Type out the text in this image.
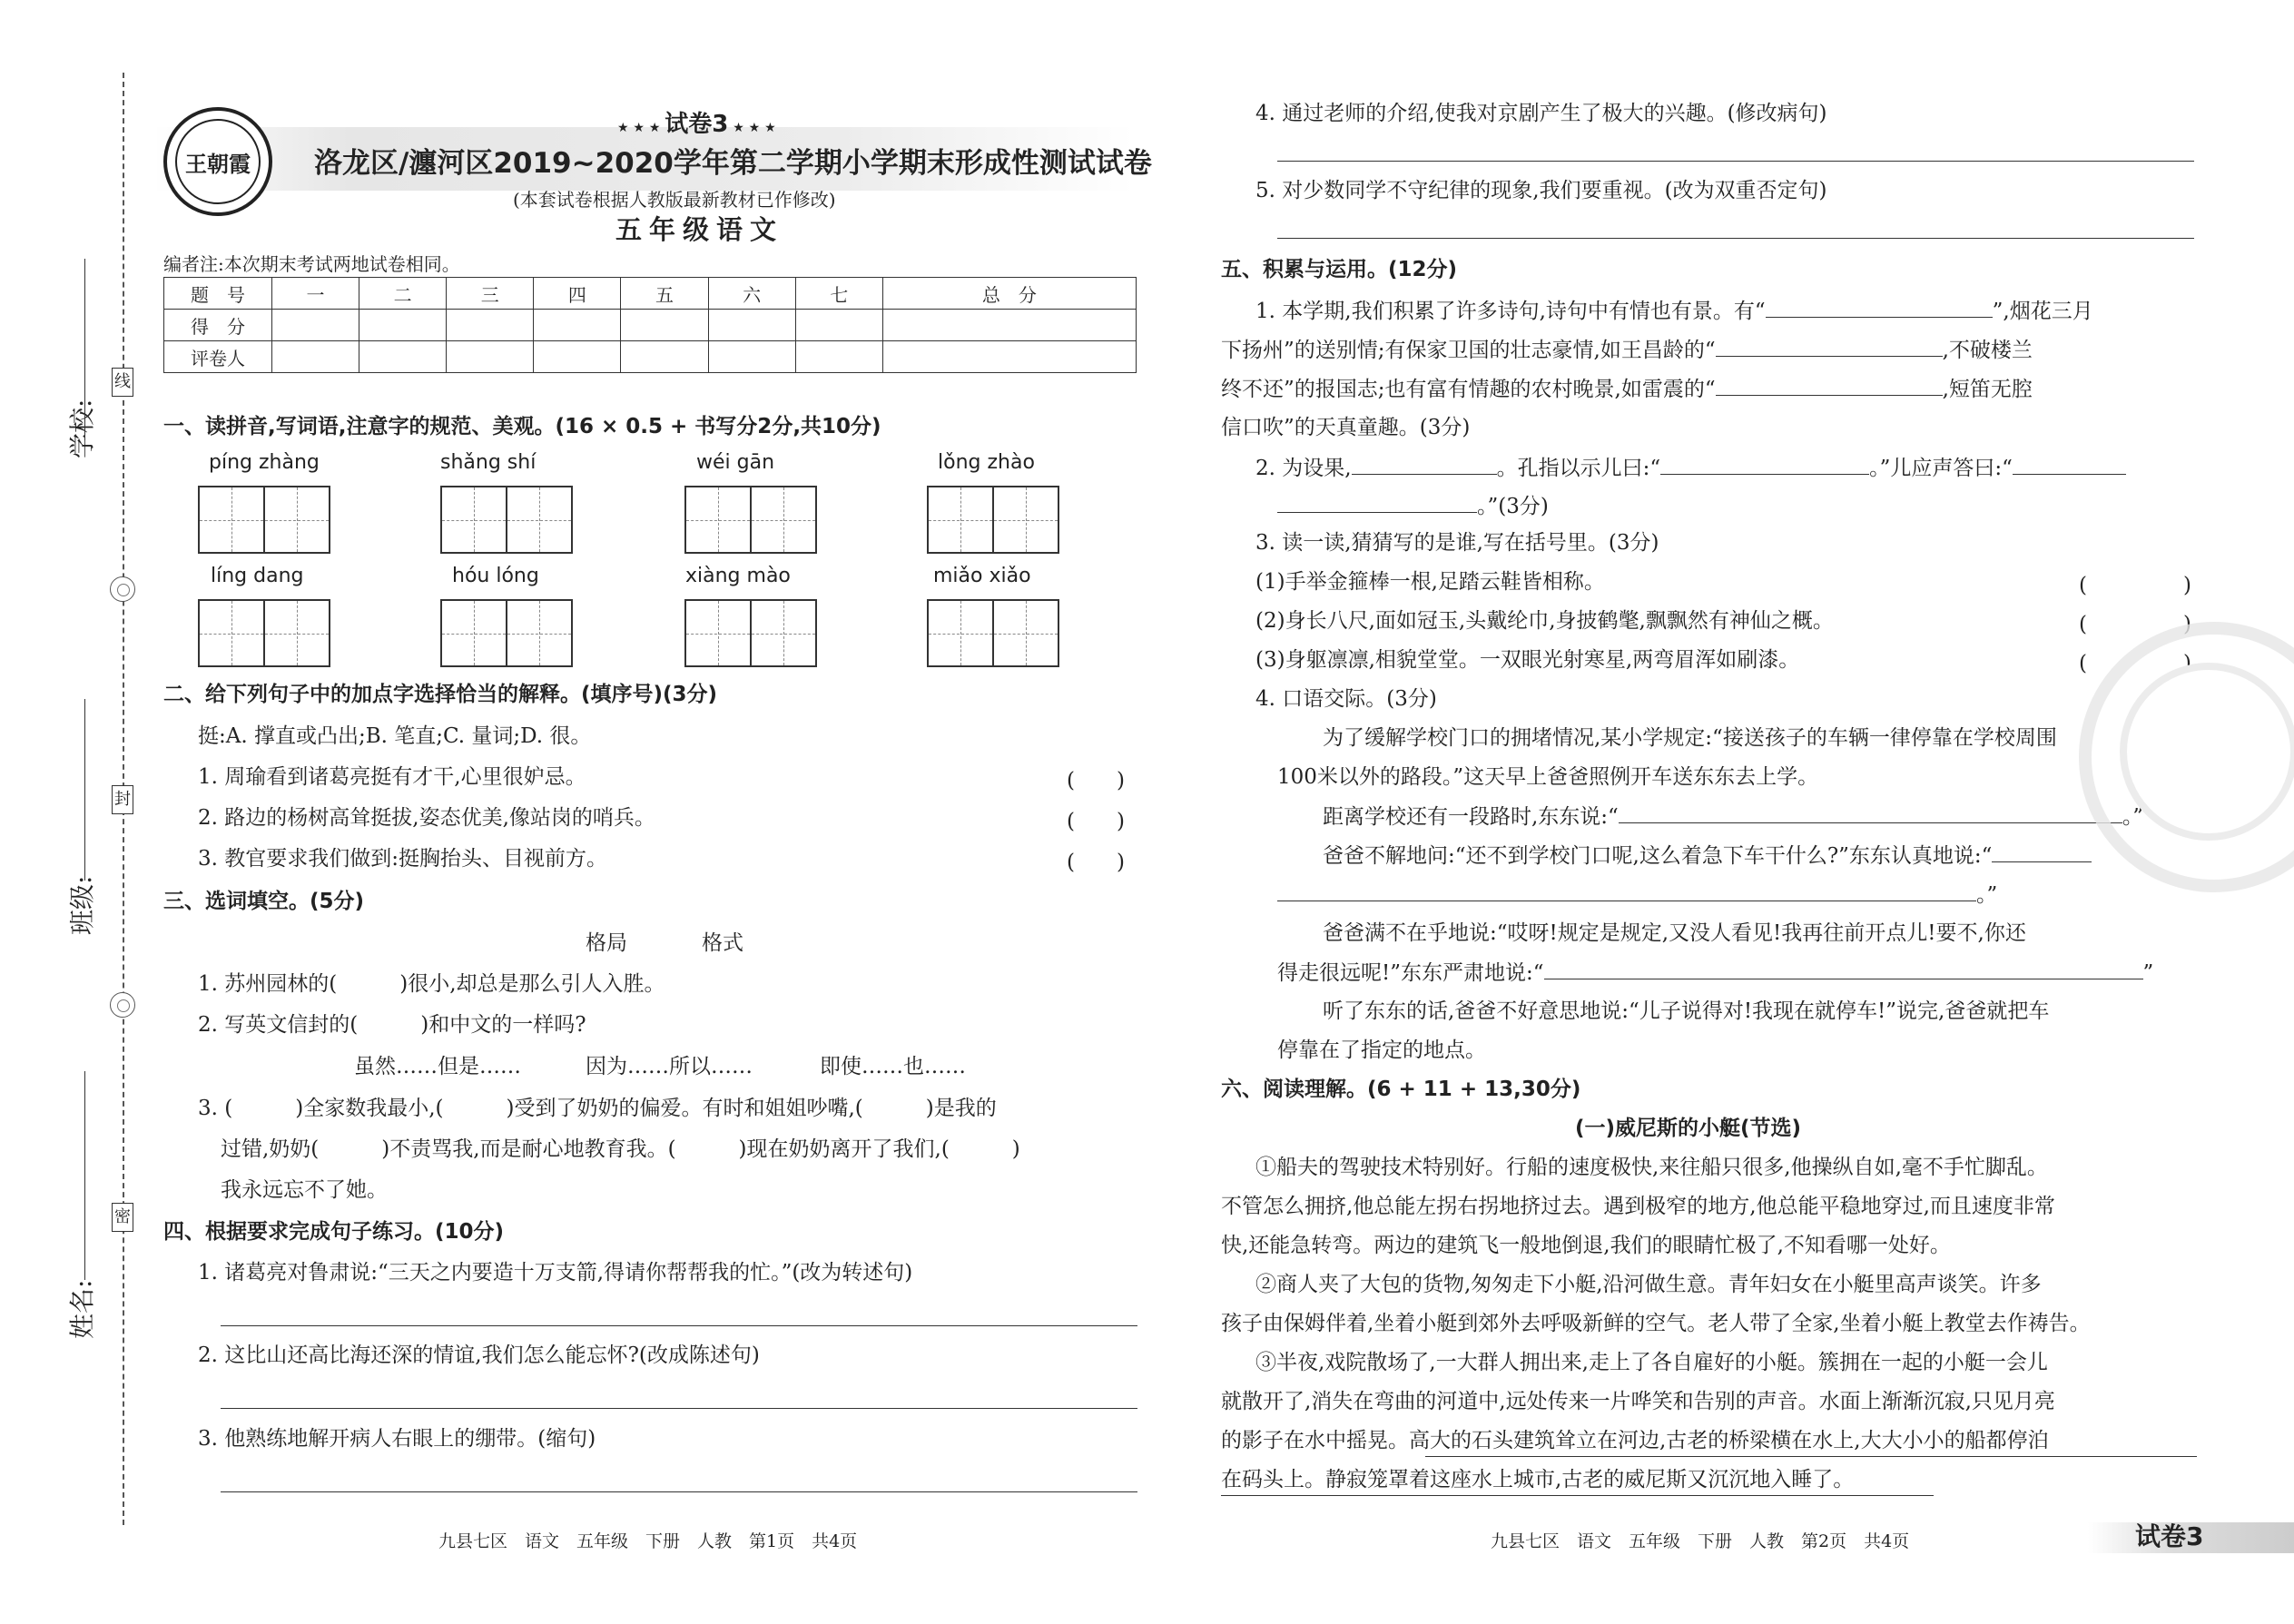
学校:
班级:
姓名:
线
封
密
王朝霞
★ ★ ★ 试卷3 ★ ★ ★
洛龙区/瀍河区2019~2020学年第二学期小学期末形成性测试试卷
(本套试卷根据人教版最新教材已作修改)
五年级语文
编者注:本次期末考试两地试卷相同。
题　号	一	二	三	四	五	六	七	总　分
得　分								
评卷人								
一、读拼音,写词语,注意字的规范、美观。(16 × 0.5 + 书写分2分,共10分)
píng zhàng	shǎng shí	wéi gān	lǒng zhào
líng dang	hóu lóng	xiàng mào	miǎo xiǎo
二、给下列句子中的加点字选择恰当的解释。(填序号)(3分)
挺:A. 撑直或凸出;B. 笔直;C. 量词;D. 很。
1. 周瑜看到诸葛亮挺有才干,心里很妒忌。	(　　)
2. 路边的杨树高耸挺拔,姿态优美,像站岗的哨兵。	(　　)
3. 教官要求我们做到:挺胸抬头、目视前方。	(　　)
三、选词填空。(5分)
格局	格式
1. 苏州园林的(　　　)很小,却总是那么引人入胜。
2. 写英文信封的(　　　)和中文的一样吗?
虽然……但是……	因为……所以……	即使……也……
3. (　　　)全家数我最小,(　　　)受到了奶奶的偏爱。有时和姐姐吵嘴,(　　　)是我的
过错,奶奶(　　　)不责骂我,而是耐心地教育我。(　　　)现在奶奶离开了我们,(　　　)
我永远忘不了她。
四、根据要求完成句子练习。(10分)
1. 诸葛亮对鲁肃说:“三天之内要造十万支箭,得请你帮帮我的忙。”(改为转述句)
2. 这比山还高比海还深的情谊,我们怎么能忘怀?(改成陈述句)
3. 他熟练地解开病人右眼上的绷带。(缩句)
九县七区　语文　五年级　下册　人教　第1页　共4页
4. 通过老师的介绍,使我对京剧产生了极大的兴趣。(修改病句)
5. 对少数同学不守纪律的现象,我们要重视。(改为双重否定句)
五、积累与运用。(12分)
1. 本学期,我们积累了许多诗句,诗句中有情也有景。有“	”,烟花三月
下扬州”的送别情;有保家卫国的壮志豪情,如王昌龄的“	,不破楼兰
终不还”的报国志;也有富有情趣的农村晚景,如雷震的“	,短笛无腔
信口吹”的天真童趣。(3分)
2. 为设果,	。孔指以示儿曰:“	。”儿应声答曰:“
。”(3分)
3. 读一读,猜猜写的是谁,写在括号里。(3分)
(1)手举金箍棒一根,足踏云鞋皆相称。	(　　)
(2)身长八尺,面如冠玉,头戴纶巾,身披鹤氅,飘飘然有神仙之概。	(　　)
(3)身躯凛凛,相貌堂堂。一双眼光射寒星,两弯眉浑如刷漆。	(　　)
4. 口语交际。(3分)
为了缓解学校门口的拥堵情况,某小学规定:“接送孩子的车辆一律停靠在学校周围
100米以外的路段。”这天早上爸爸照例开车送东东去上学。
距离学校还有一段路时,东东说:“	。”
爸爸不解地问:“还不到学校门口呢,这么着急下车干什么?”东东认真地说:“
。”
爸爸满不在乎地说:“哎呀!规定是规定,又没人看见!我再往前开点儿!要不,你还
得走很远呢!”东东严肃地说:“	”
听了东东的话,爸爸不好意思地说:“儿子说得对!我现在就停车!”说完,爸爸就把车
停靠在了指定的地点。
六、阅读理解。(6 + 11 + 13,30分)
(一)威尼斯的小艇(节选)
①船夫的驾驶技术特别好。行船的速度极快,来往船只很多,他操纵自如,毫不手忙脚乱。
不管怎么拥挤,他总能左拐右拐地挤过去。遇到极窄的地方,他总能平稳地穿过,而且速度非常
快,还能急转弯。两边的建筑飞一般地倒退,我们的眼睛忙极了,不知看哪一处好。
②商人夹了大包的货物,匆匆走下小艇,沿河做生意。青年妇女在小艇里高声谈笑。许多
孩子由保姆伴着,坐着小艇到郊外去呼吸新鲜的空气。老人带了全家,坐着小艇上教堂去作祷告。
③半夜,戏院散场了,一大群人拥出来,走上了各自雇好的小艇。簇拥在一起的小艇一会儿
就散开了,消失在弯曲的河道中,远处传来一片哗笑和告别的声音。水面上渐渐沉寂,只见月亮
的影子在水中摇晃。高大的石头建筑耸立在河边,古老的桥梁横在水上,大大小小的船都停泊
在码头上。静寂笼罩着这座水上城市,古老的威尼斯又沉沉地入睡了。
九县七区　语文　五年级　下册　人教　第2页　共4页	试卷3
